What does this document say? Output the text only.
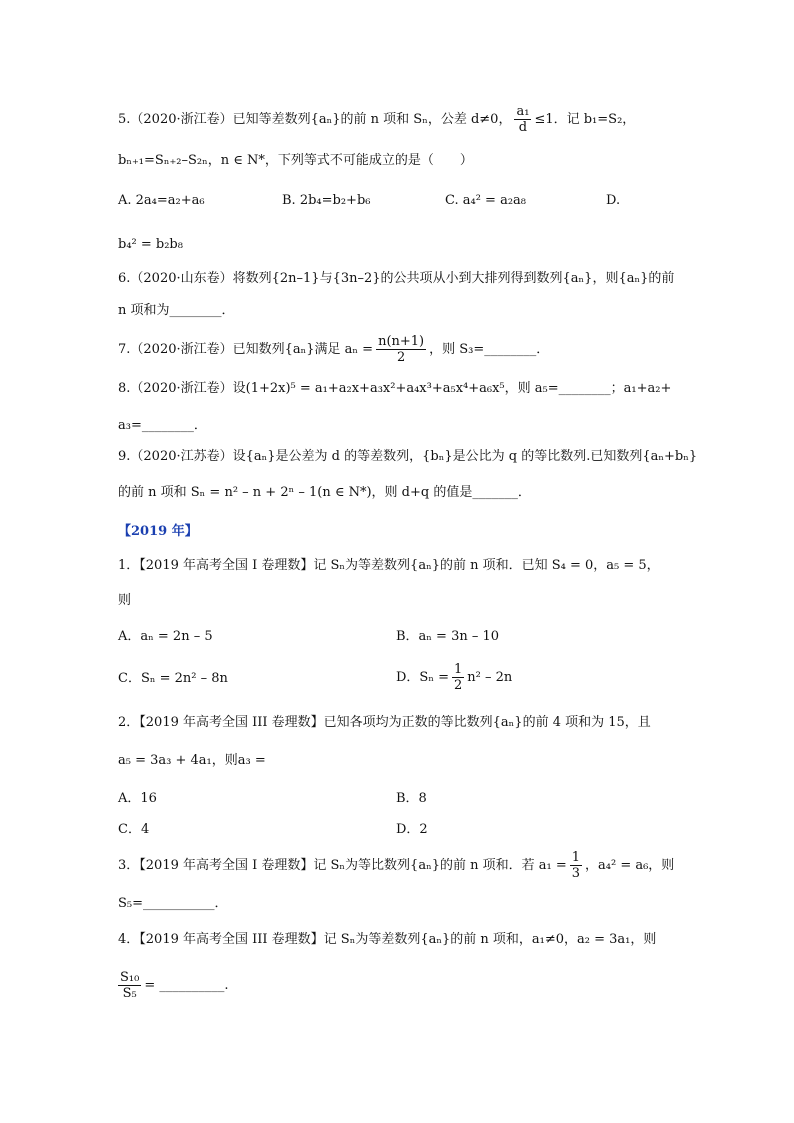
5.（2020·浙江卷）已知等差数列{aₙ}的前 n 项和 Sₙ，公差 d≠0， $\frac{\text{a₁}}{d} \le 1$．记 b₁=S₂，
bₙ₊₁=Sₙ₊₂–S₂ₙ，n ∈ N*，下列等式不可能成立的是（　　）
A. 2a₄=a₂+a₆	B. 2b₄=b₂+b₆	C. a₄² = a₂a₈	D.
b₄² = b₂b₈
6.（2020·山东卷）将数列{2n–1}与{3n–2}的公共项从小到大排列得到数列{aₙ}，则{aₙ}的前
n 项和为________．
7.（2020·浙江卷）已知数列{aₙ}满足 $a_n = \frac{n(n+1)}{2}$ ，则 S₃=________．
8.（2020·浙江卷）设(1+2x)⁵ = a₁+a₂x+a₃x²+a₄x³+a₅x⁴+a₆x⁵，则 a₅=________；a₁+a₂+
a₃=________．
9.（2020·江苏卷）设{aₙ}是公差为 d 的等差数列，{bₙ}是公比为 q 的等比数列.已知数列{aₙ+bₙ}
的前 n 项和 Sₙ = n² – n + 2ⁿ – 1(n ∈ N*)，则 d+q 的值是_______．
【2019 年】
1．【2019 年高考全国 I 卷理数】记 Sₙ为等差数列{aₙ}的前 n 项和．已知 S₄ = 0，a₅ = 5，
则
A．aₙ = 2n – 5	B．aₙ = 3n – 10
C．Sₙ = 2n² – 8n	D．$S_n = \frac{1}{2} n^2 - 2n$
2．【2019 年高考全国 III 卷理数】已知各项均为正数的等比数列{aₙ}的前 4 项和为 15，且
a₅ = 3a₃ + 4a₁，则a₃ =
A．16	B．8
C．4	D．2
3．【2019 年高考全国 I 卷理数】记 Sₙ为等比数列{aₙ}的前 n 项和．若 $a_1 = \frac{1}{3}$ ，a₄² = a₆，则
S₅=___________．
4．【2019 年高考全国 III 卷理数】记 Sₙ为等差数列{aₙ}的前 n 项和，a₁≠0，a₂ = 3a₁，则
$\frac{\text{S₁₀}}{\text{S₅}}$ = __________.
